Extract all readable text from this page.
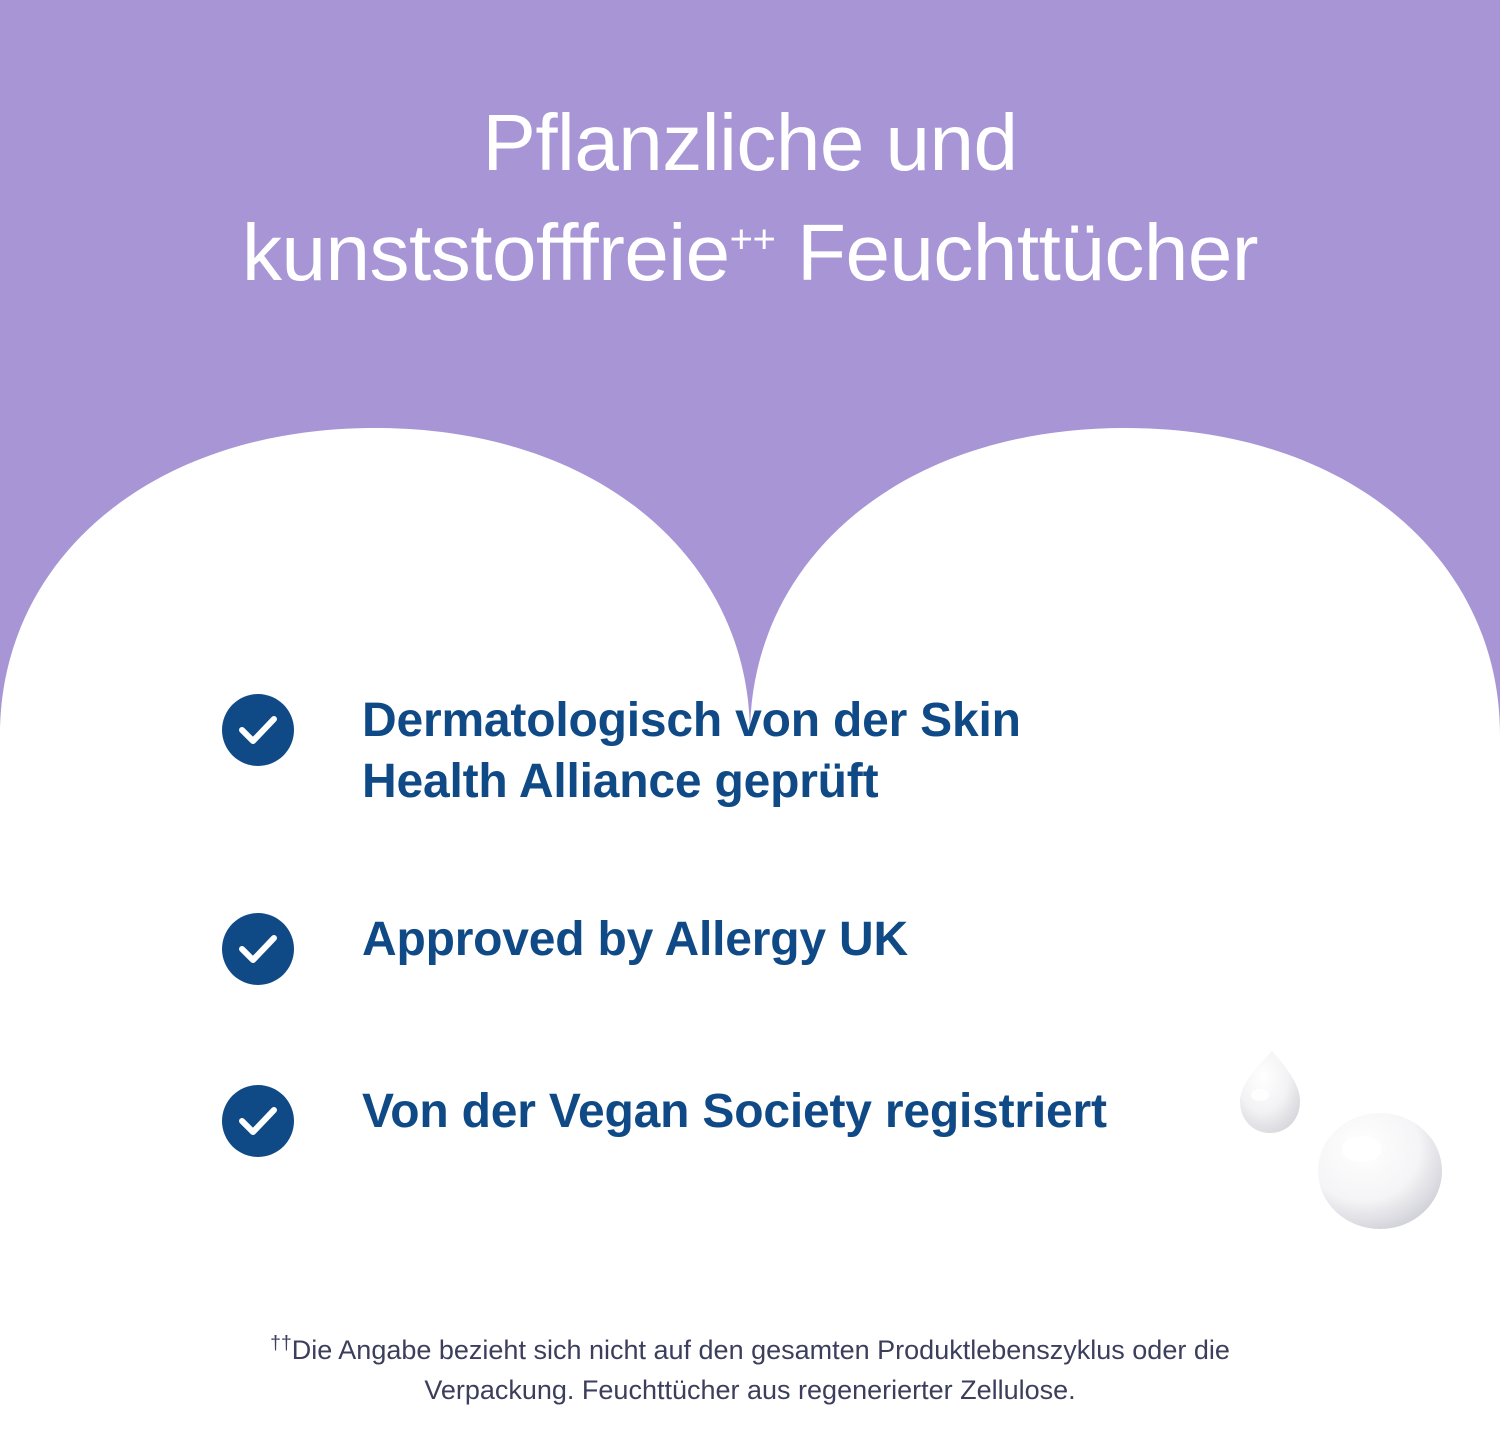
Pflanzliche und
kunststofffreie++ Feuchttücher
Dermatologisch von der Skin
Health Alliance geprüft
Approved by Allergy UK
Von der Vegan Society registriert
††Die Angabe bezieht sich nicht auf den gesamten Produktlebenszyklus oder die
Verpackung. Feuchttücher aus regenerierter Zellulose.
